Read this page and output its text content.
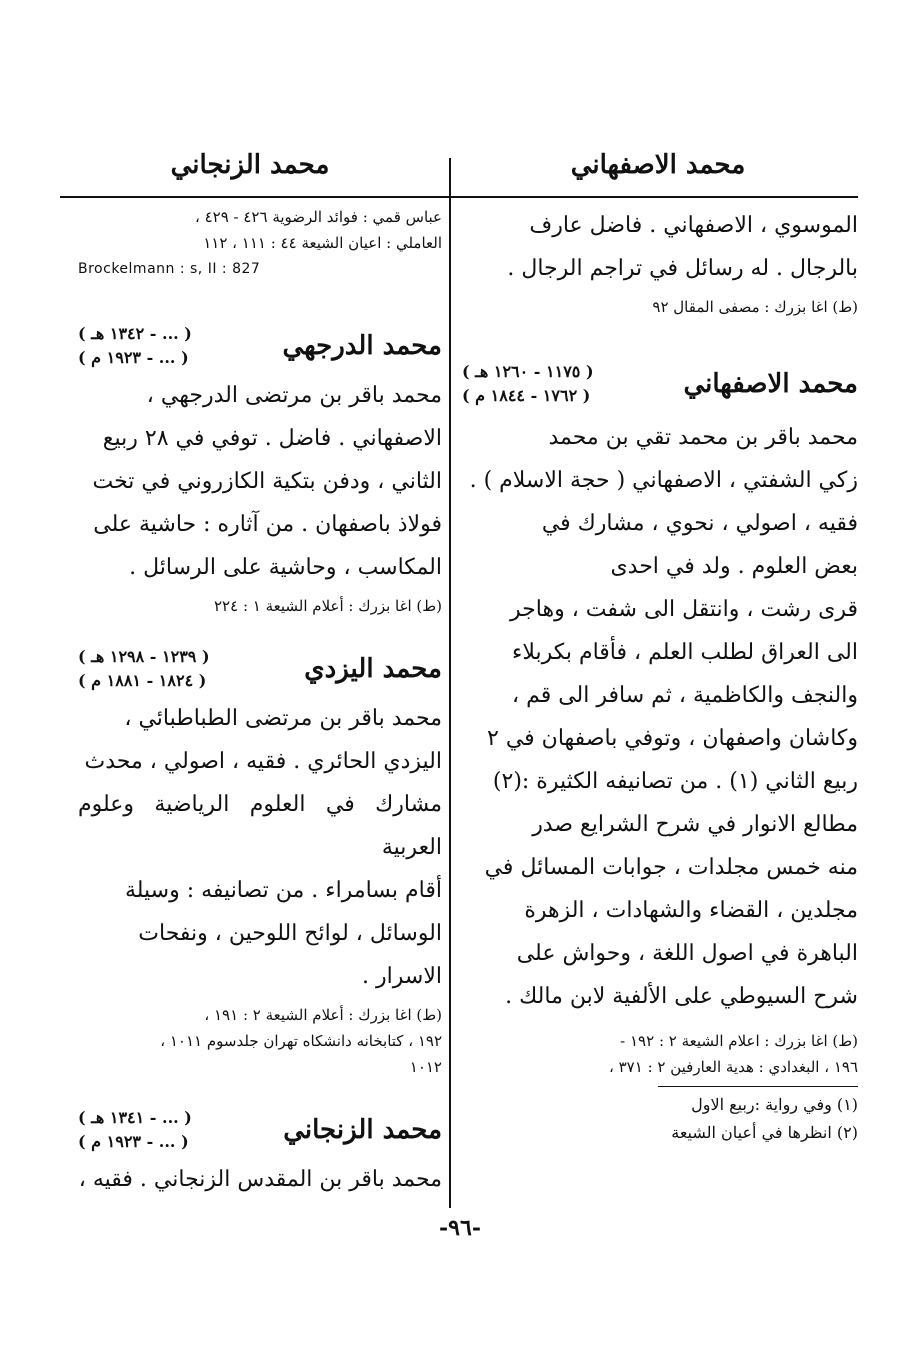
محمد الاصفهاني
محمد الزنجاني

الموسوي ، الاصفهاني . فاضل عارف

بالرجال . له رسائل في تراجم الرجال .

(ط) اغا بزرك : مصفى المقال ٩٢

محمد الاصفهاني
( ١١٧٥ - ١٢٦٠ هـ )
( ١٧٦٢ - ١٨٤٤ م )

محمد باقر بن محمد تقي بن محمد

زكي الشفتي ، الاصفهاني ( حجة الاسلام ) .

فقيه ، اصولي ، نحوي ، مشارك في

بعض العلوم . ولد في احدى

قرى رشت ، وانتقل الى شفت ، وهاجر

الى العراق لطلب العلم ، فأقام بكربلاء

والنجف والكاظمية ، ثم سافر الى قم ،

وكاشان واصفهان ، وتوفي باصفهان في ٢

ربيع الثاني (١) . من تصانيفه الكثيرة :(٢)

مطالع الانوار في شرح الشرايع صدر

منه خمس مجلدات ، جوابات المسائل في

مجلدين ، القضاء والشهادات ، الزهرة

الباهرة في اصول اللغة ، وحواش على

شرح السيوطي على الألفية لابن مالك .

(ط) اغا بزرك : اعلام الشيعة ٢ : ١٩٢ -

١٩٦ ، البغدادي : هدية العارفين ٢ : ٣٧١ ،

(١) وفي رواية :ربيع الاول

(٢) انظرها في أعيان الشيعة

عباس قمي : فوائد الرضوية ٤٢٦ - ٤٢٩ ،

العاملي : اعيان الشيعة ٤٤ : ١١١ ، ١١٢

Brockelmann : s, II : 827

محمد الدرجهي
( ... - ١٣٤٢ هـ )
( ... - ١٩٢٣ م )

محمد باقر بن مرتضى الدرجهي ،

الاصفهاني . فاضل . توفي في ٢٨ ربيع

الثاني ، ودفن بتكية الكازروني في تخت

فولاذ باصفهان . من آثاره : حاشية على

المكاسب ، وحاشية على الرسائل .

(ط) اغا بزرك : أعلام الشيعة ١ : ٢٢٤

محمد اليزدي
( ١٢٣٩ - ١٢٩٨ هـ )
( ١٨٢٤ - ١٨٨١ م )

محمد باقر بن مرتضى الطباطبائي ،

اليزدي الحائري . فقيه ، اصولي ، محدث

مشارك في العلوم الرياضية وعلوم العربية

أقام بسامراء . من تصانيفه : وسيلة

الوسائل ، لوائح اللوحين ، ونفحات

الاسرار .

(ط) اغا بزرك : أعلام الشيعة ٢ : ١٩١ ،

١٩٢ ، كتابخانه دانشكاه تهران جلدسوم ١٠١١ ،

١٠١٢

محمد الزنجاني
( ... - ١٣٤١ هـ )
( ... - ١٩٢٣ م )

محمد باقر بن المقدس الزنجاني . فقيه ،

-٩٦-
